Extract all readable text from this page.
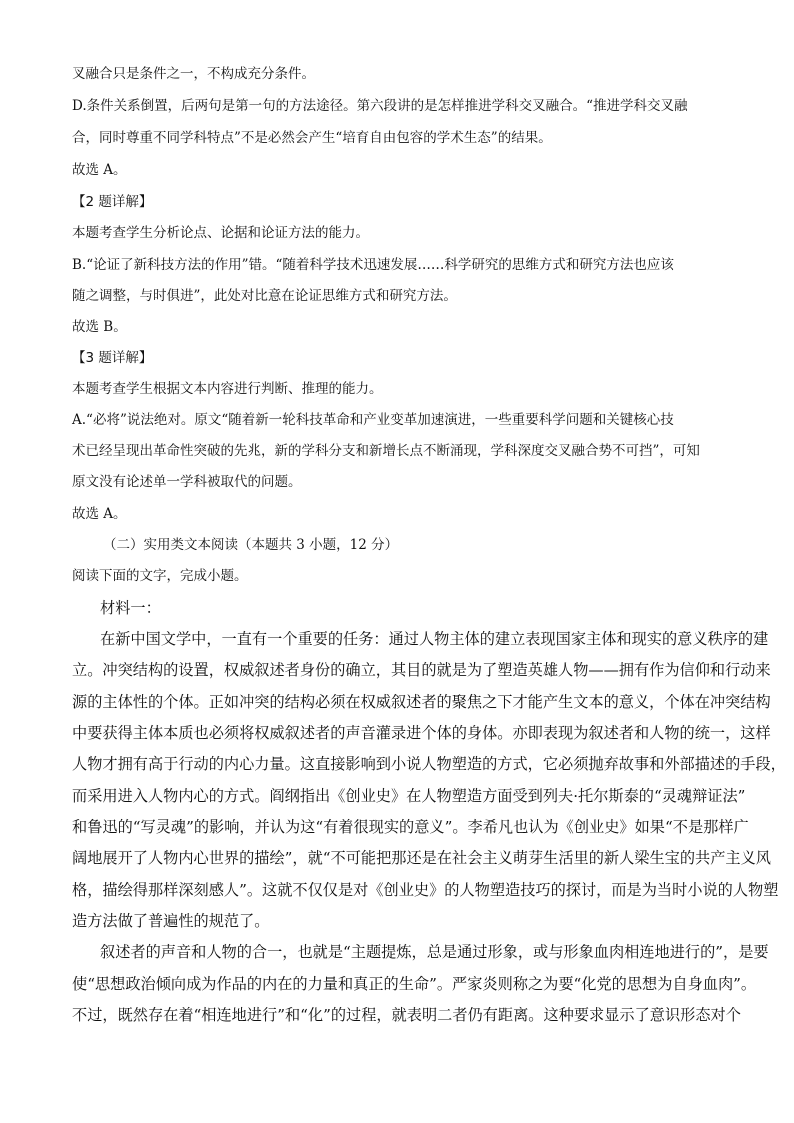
叉融合只是条件之一，不构成充分条件。
D.条件关系倒置，后两句是第一句的方法途径。第六段讲的是怎样推进学科交叉融合。“推进学科交叉融
合，同时尊重不同学科特点”不是必然会产生“培育自由包容的学术生态”的结果。
故选 A。
【2 题详解】
本题考查学生分析论点、论据和论证方法的能力。
B.“论证了新科技方法的作用”错。“随着科学技术迅速发展……科学研究的思维方式和研究方法也应该
随之调整，与时俱进”，此处对比意在论证思维方式和研究方法。
故选 B。
【3 题详解】
本题考查学生根据文本内容进行判断、推理的能力。
A.“必将”说法绝对。原文“随着新一轮科技革命和产业变革加速演进，一些重要科学问题和关键核心技
术已经呈现出革命性突破的先兆，新的学科分支和新增长点不断涌现，学科深度交叉融合势不可挡”，可知
原文没有论述单一学科被取代的问题。
故选 A。
（二）实用类文本阅读（本题共 3 小题，12 分）
阅读下面的文字，完成小题。
材料一：
在新中国文学中，一直有一个重要的任务：通过人物主体的建立表现国家主体和现实的意义秩序的建
立。冲突结构的设置，权威叙述者身份的确立，其目的就是为了塑造英雄人物——拥有作为信仰和行动来
源的主体性的个体。正如冲突的结构必须在权威叙述者的聚焦之下才能产生文本的意义，个体在冲突结构
中要获得主体本质也必须将权威叙述者的声音灌录进个体的身体。亦即表现为叙述者和人物的统一，这样
人物才拥有高于行动的内心力量。这直接影响到小说人物塑造的方式，它必须抛弃故事和外部描述的手段，
而采用进入人物内心的方式。阎纲指出《创业史》在人物塑造方面受到列夫·托尔斯泰的“灵魂辩证法”
和鲁迅的“写灵魂”的影响，并认为这“有着很现实的意义”。李希凡也认为《创业史》如果“不是那样广
阔地展开了人物内心世界的描绘”，就“不可能把那还是在社会主义萌芽生活里的新人梁生宝的共产主义风
格，描绘得那样深刻感人”。这就不仅仅是对《创业史》的人物塑造技巧的探讨，而是为当时小说的人物塑
造方法做了普遍性的规范了。
叙述者的声音和人物的合一，也就是“主题提炼，总是通过形象，或与形象血肉相连地进行的”，是要
使“思想政治倾向成为作品的内在的力量和真正的生命”。严家炎则称之为要“化党的思想为自身血肉”。
不过，既然存在着“相连地进行”和“化”的过程，就表明二者仍有距离。这种要求显示了意识形态对个
